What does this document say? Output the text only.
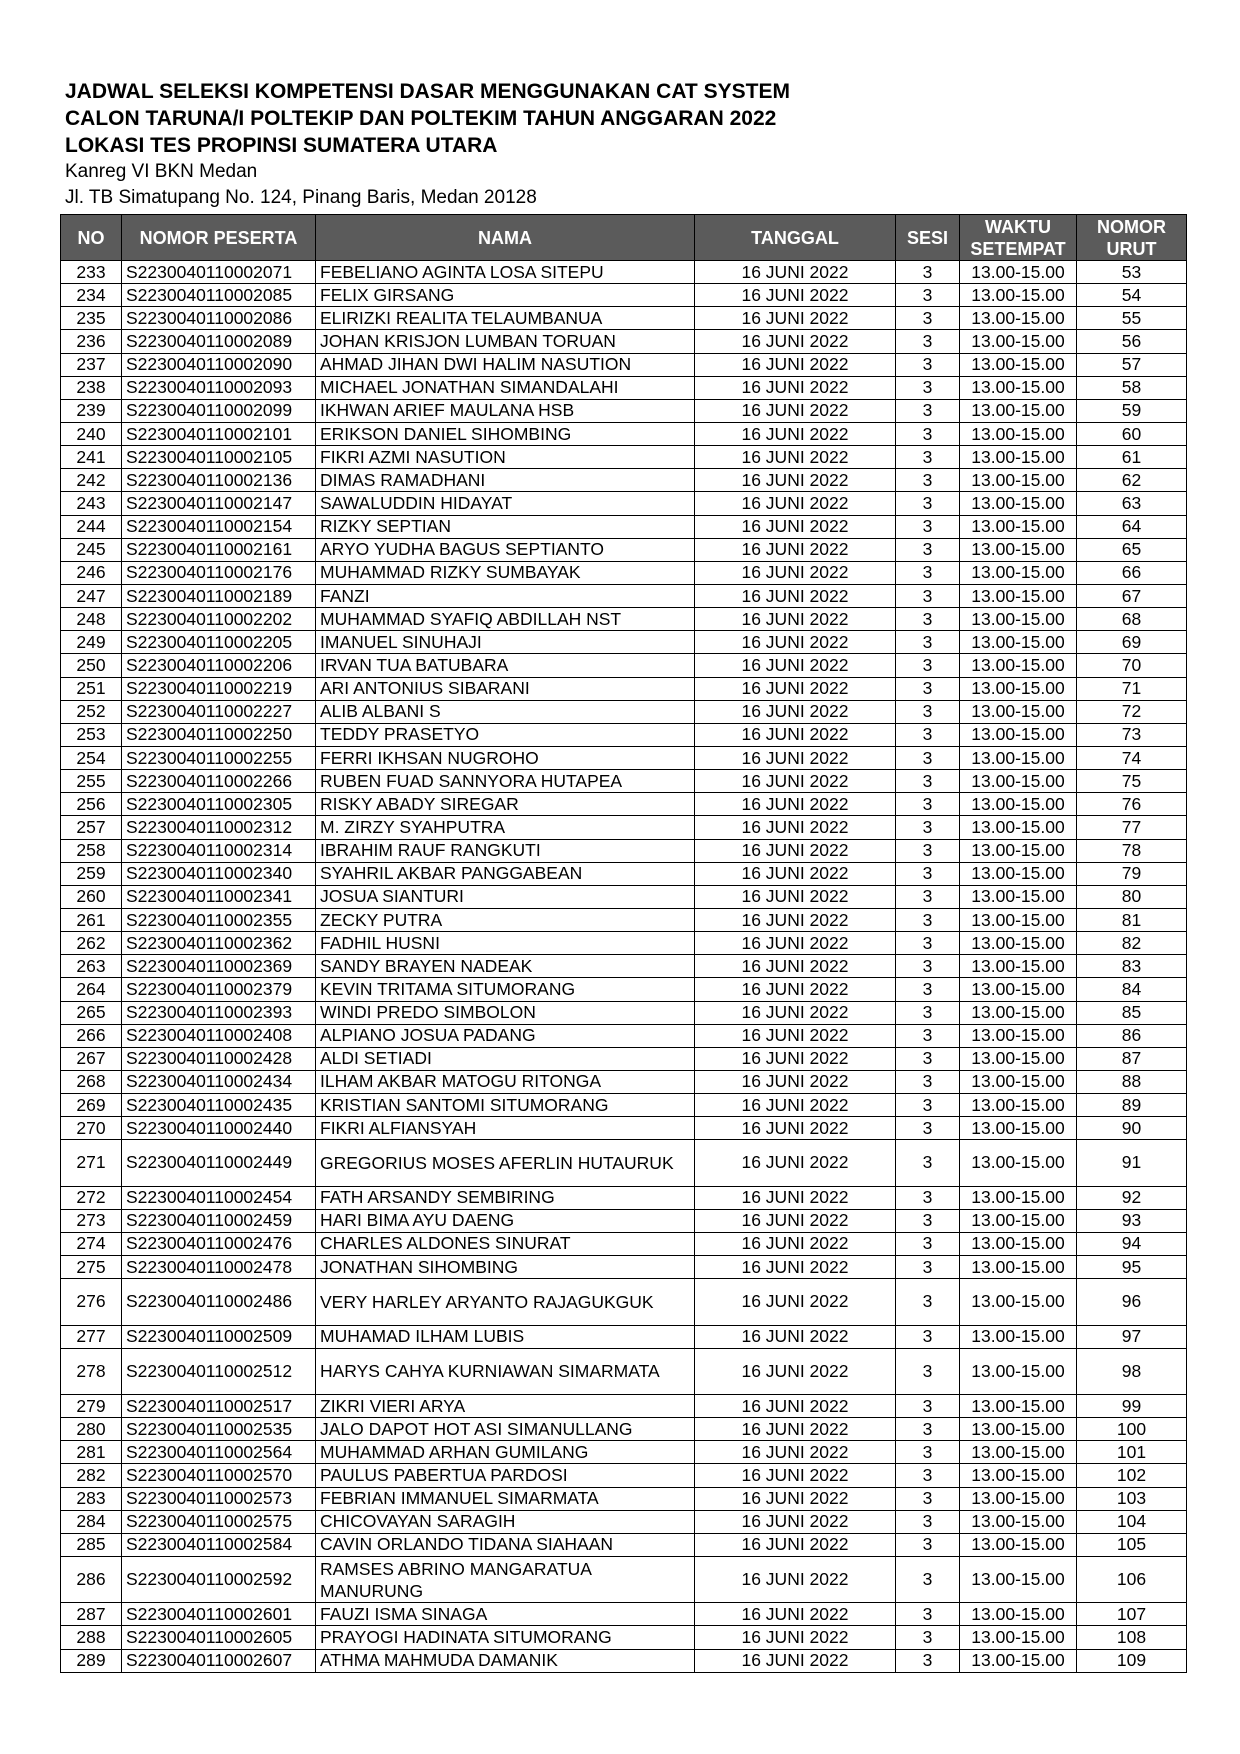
JADWAL SELEKSI KOMPETENSI DASAR MENGGUNAKAN CAT SYSTEM

CALON TARUNA/I POLTEKIP DAN POLTEKIM TAHUN ANGGARAN 2022

LOKASI TES PROPINSI SUMATERA UTARA

Kanreg VI BKN Medan

Jl. TB Simatupang No. 124, Pinang Baris, Medan 20128

NO	NOMOR PESERTA	NAMA	TANGGAL	SESI	WAKTU SETEMPAT	NOMOR URUT
233	S2230040110002071	FEBELIANO AGINTA LOSA SITEPU	16 JUNI 2022	3	13.00-15.00	53
234	S2230040110002085	FELIX GIRSANG	16 JUNI 2022	3	13.00-15.00	54
235	S2230040110002086	ELIRIZKI REALITA TELAUMBANUA	16 JUNI 2022	3	13.00-15.00	55
236	S2230040110002089	JOHAN KRISJON LUMBAN TORUAN	16 JUNI 2022	3	13.00-15.00	56
237	S2230040110002090	AHMAD JIHAN DWI HALIM NASUTION	16 JUNI 2022	3	13.00-15.00	57
238	S2230040110002093	MICHAEL JONATHAN SIMANDALAHI	16 JUNI 2022	3	13.00-15.00	58
239	S2230040110002099	IKHWAN ARIEF MAULANA HSB	16 JUNI 2022	3	13.00-15.00	59
240	S2230040110002101	ERIKSON DANIEL SIHOMBING	16 JUNI 2022	3	13.00-15.00	60
241	S2230040110002105	FIKRI AZMI NASUTION	16 JUNI 2022	3	13.00-15.00	61
242	S2230040110002136	DIMAS RAMADHANI	16 JUNI 2022	3	13.00-15.00	62
243	S2230040110002147	SAWALUDDIN HIDAYAT	16 JUNI 2022	3	13.00-15.00	63
244	S2230040110002154	RIZKY SEPTIAN	16 JUNI 2022	3	13.00-15.00	64
245	S2230040110002161	ARYO YUDHA BAGUS SEPTIANTO	16 JUNI 2022	3	13.00-15.00	65
246	S2230040110002176	MUHAMMAD RIZKY SUMBAYAK	16 JUNI 2022	3	13.00-15.00	66
247	S2230040110002189	FANZI	16 JUNI 2022	3	13.00-15.00	67
248	S2230040110002202	MUHAMMAD SYAFIQ ABDILLAH NST	16 JUNI 2022	3	13.00-15.00	68
249	S2230040110002205	IMANUEL SINUHAJI	16 JUNI 2022	3	13.00-15.00	69
250	S2230040110002206	IRVAN TUA BATUBARA	16 JUNI 2022	3	13.00-15.00	70
251	S2230040110002219	ARI ANTONIUS SIBARANI	16 JUNI 2022	3	13.00-15.00	71
252	S2230040110002227	ALIB ALBANI S	16 JUNI 2022	3	13.00-15.00	72
253	S2230040110002250	TEDDY PRASETYO	16 JUNI 2022	3	13.00-15.00	73
254	S2230040110002255	FERRI IKHSAN NUGROHO	16 JUNI 2022	3	13.00-15.00	74
255	S2230040110002266	RUBEN FUAD SANNYORA HUTAPEA	16 JUNI 2022	3	13.00-15.00	75
256	S2230040110002305	RISKY ABADY SIREGAR	16 JUNI 2022	3	13.00-15.00	76
257	S2230040110002312	M. ZIRZY SYAHPUTRA	16 JUNI 2022	3	13.00-15.00	77
258	S2230040110002314	IBRAHIM RAUF RANGKUTI	16 JUNI 2022	3	13.00-15.00	78
259	S2230040110002340	SYAHRIL AKBAR PANGGABEAN	16 JUNI 2022	3	13.00-15.00	79
260	S2230040110002341	JOSUA SIANTURI	16 JUNI 2022	3	13.00-15.00	80
261	S2230040110002355	ZECKY PUTRA	16 JUNI 2022	3	13.00-15.00	81
262	S2230040110002362	FADHIL HUSNI	16 JUNI 2022	3	13.00-15.00	82
263	S2230040110002369	SANDY BRAYEN NADEAK	16 JUNI 2022	3	13.00-15.00	83
264	S2230040110002379	KEVIN TRITAMA SITUMORANG	16 JUNI 2022	3	13.00-15.00	84
265	S2230040110002393	WINDI PREDO SIMBOLON	16 JUNI 2022	3	13.00-15.00	85
266	S2230040110002408	ALPIANO JOSUA PADANG	16 JUNI 2022	3	13.00-15.00	86
267	S2230040110002428	ALDI SETIADI	16 JUNI 2022	3	13.00-15.00	87
268	S2230040110002434	ILHAM AKBAR MATOGU RITONGA	16 JUNI 2022	3	13.00-15.00	88
269	S2230040110002435	KRISTIAN SANTOMI SITUMORANG	16 JUNI 2022	3	13.00-15.00	89
270	S2230040110002440	FIKRI ALFIANSYAH	16 JUNI 2022	3	13.00-15.00	90
271	S2230040110002449	GREGORIUS MOSES AFERLIN HUTAURUK	16 JUNI 2022	3	13.00-15.00	91
272	S2230040110002454	FATH ARSANDY SEMBIRING	16 JUNI 2022	3	13.00-15.00	92
273	S2230040110002459	HARI BIMA AYU DAENG	16 JUNI 2022	3	13.00-15.00	93
274	S2230040110002476	CHARLES ALDONES SINURAT	16 JUNI 2022	3	13.00-15.00	94
275	S2230040110002478	JONATHAN SIHOMBING	16 JUNI 2022	3	13.00-15.00	95
276	S2230040110002486	VERY HARLEY ARYANTO RAJAGUKGUK	16 JUNI 2022	3	13.00-15.00	96
277	S2230040110002509	MUHAMAD ILHAM LUBIS	16 JUNI 2022	3	13.00-15.00	97
278	S2230040110002512	HARYS CAHYA KURNIAWAN SIMARMATA	16 JUNI 2022	3	13.00-15.00	98
279	S2230040110002517	ZIKRI VIERI ARYA	16 JUNI 2022	3	13.00-15.00	99
280	S2230040110002535	JALO DAPOT HOT ASI SIMANULLANG	16 JUNI 2022	3	13.00-15.00	100
281	S2230040110002564	MUHAMMAD ARHAN GUMILANG	16 JUNI 2022	3	13.00-15.00	101
282	S2230040110002570	PAULUS PABERTUA PARDOSI	16 JUNI 2022	3	13.00-15.00	102
283	S2230040110002573	FEBRIAN IMMANUEL SIMARMATA	16 JUNI 2022	3	13.00-15.00	103
284	S2230040110002575	CHICOVAYAN SARAGIH	16 JUNI 2022	3	13.00-15.00	104
285	S2230040110002584	CAVIN ORLANDO TIDANA SIAHAAN	16 JUNI 2022	3	13.00-15.00	105
286	S2230040110002592	RAMSES ABRINO MANGARATUA MANURUNG	16 JUNI 2022	3	13.00-15.00	106
287	S2230040110002601	FAUZI ISMA SINAGA	16 JUNI 2022	3	13.00-15.00	107
288	S2230040110002605	PRAYOGI HADINATA SITUMORANG	16 JUNI 2022	3	13.00-15.00	108
289	S2230040110002607	ATHMA MAHMUDA DAMANIK	16 JUNI 2022	3	13.00-15.00	109
